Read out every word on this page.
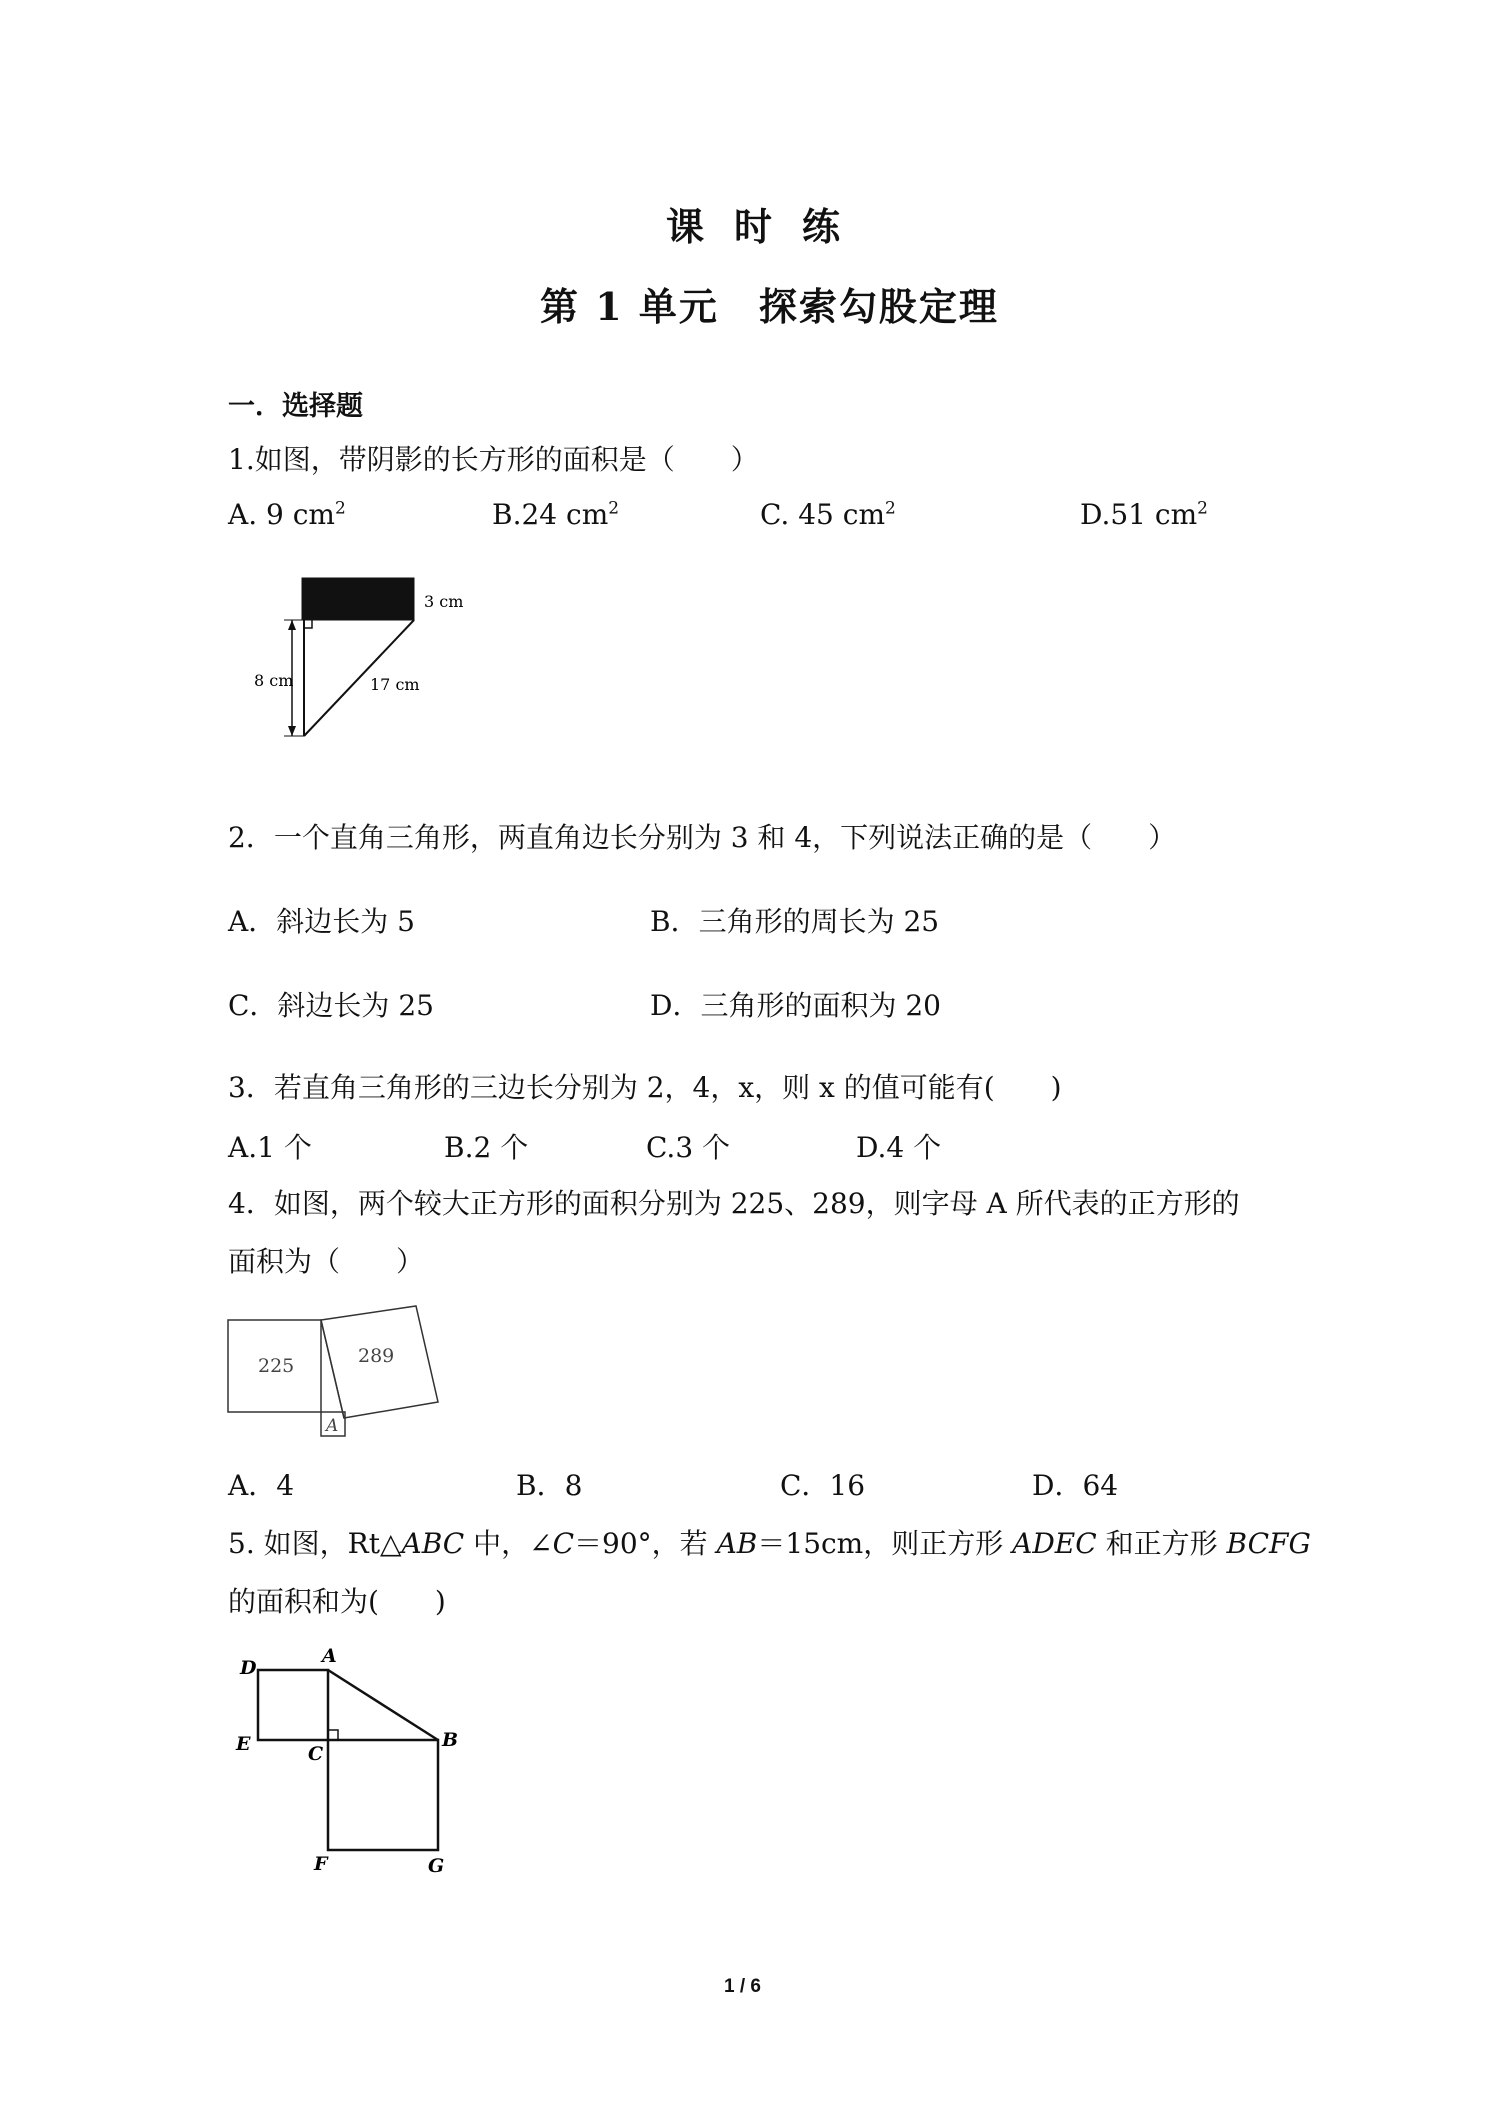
课 时 练
第 1 单元　探索勾股定理
一．选择题
1.如图，带阴影的长方形的面积是（　　）
A. 9 $cm^2$	B.24 $cm^2$	C. 45 $cm^2$	D.51 $cm^2$
3 cm
8 cm	17 cm
2．一个直角三角形，两直角边长分别为 3 和 4，下列说法正确的是（　　）
A．斜边长为 5	B．三角形的周长为 25
C．斜边长为 25	D．三角形的面积为 20
3．若直角三角形的三边长分别为 2，4，x，则 x 的值可能有(　　)
A.1 个	B.2 个	C.3 个	D.4 个
4．如图，两个较大正方形的面积分别为 225、289，则字母 A 所代表的正方形的
面积为（　　）
225	289
A
A．4	B．8	C．16	D．64
5. 如图，Rt△ABC 中，∠C＝90°，若 AB＝15cm，则正方形 ADEC 和正方形 BCFG
的面积和为(　　)
D
A
E	C
B
F	G
1 / 6
